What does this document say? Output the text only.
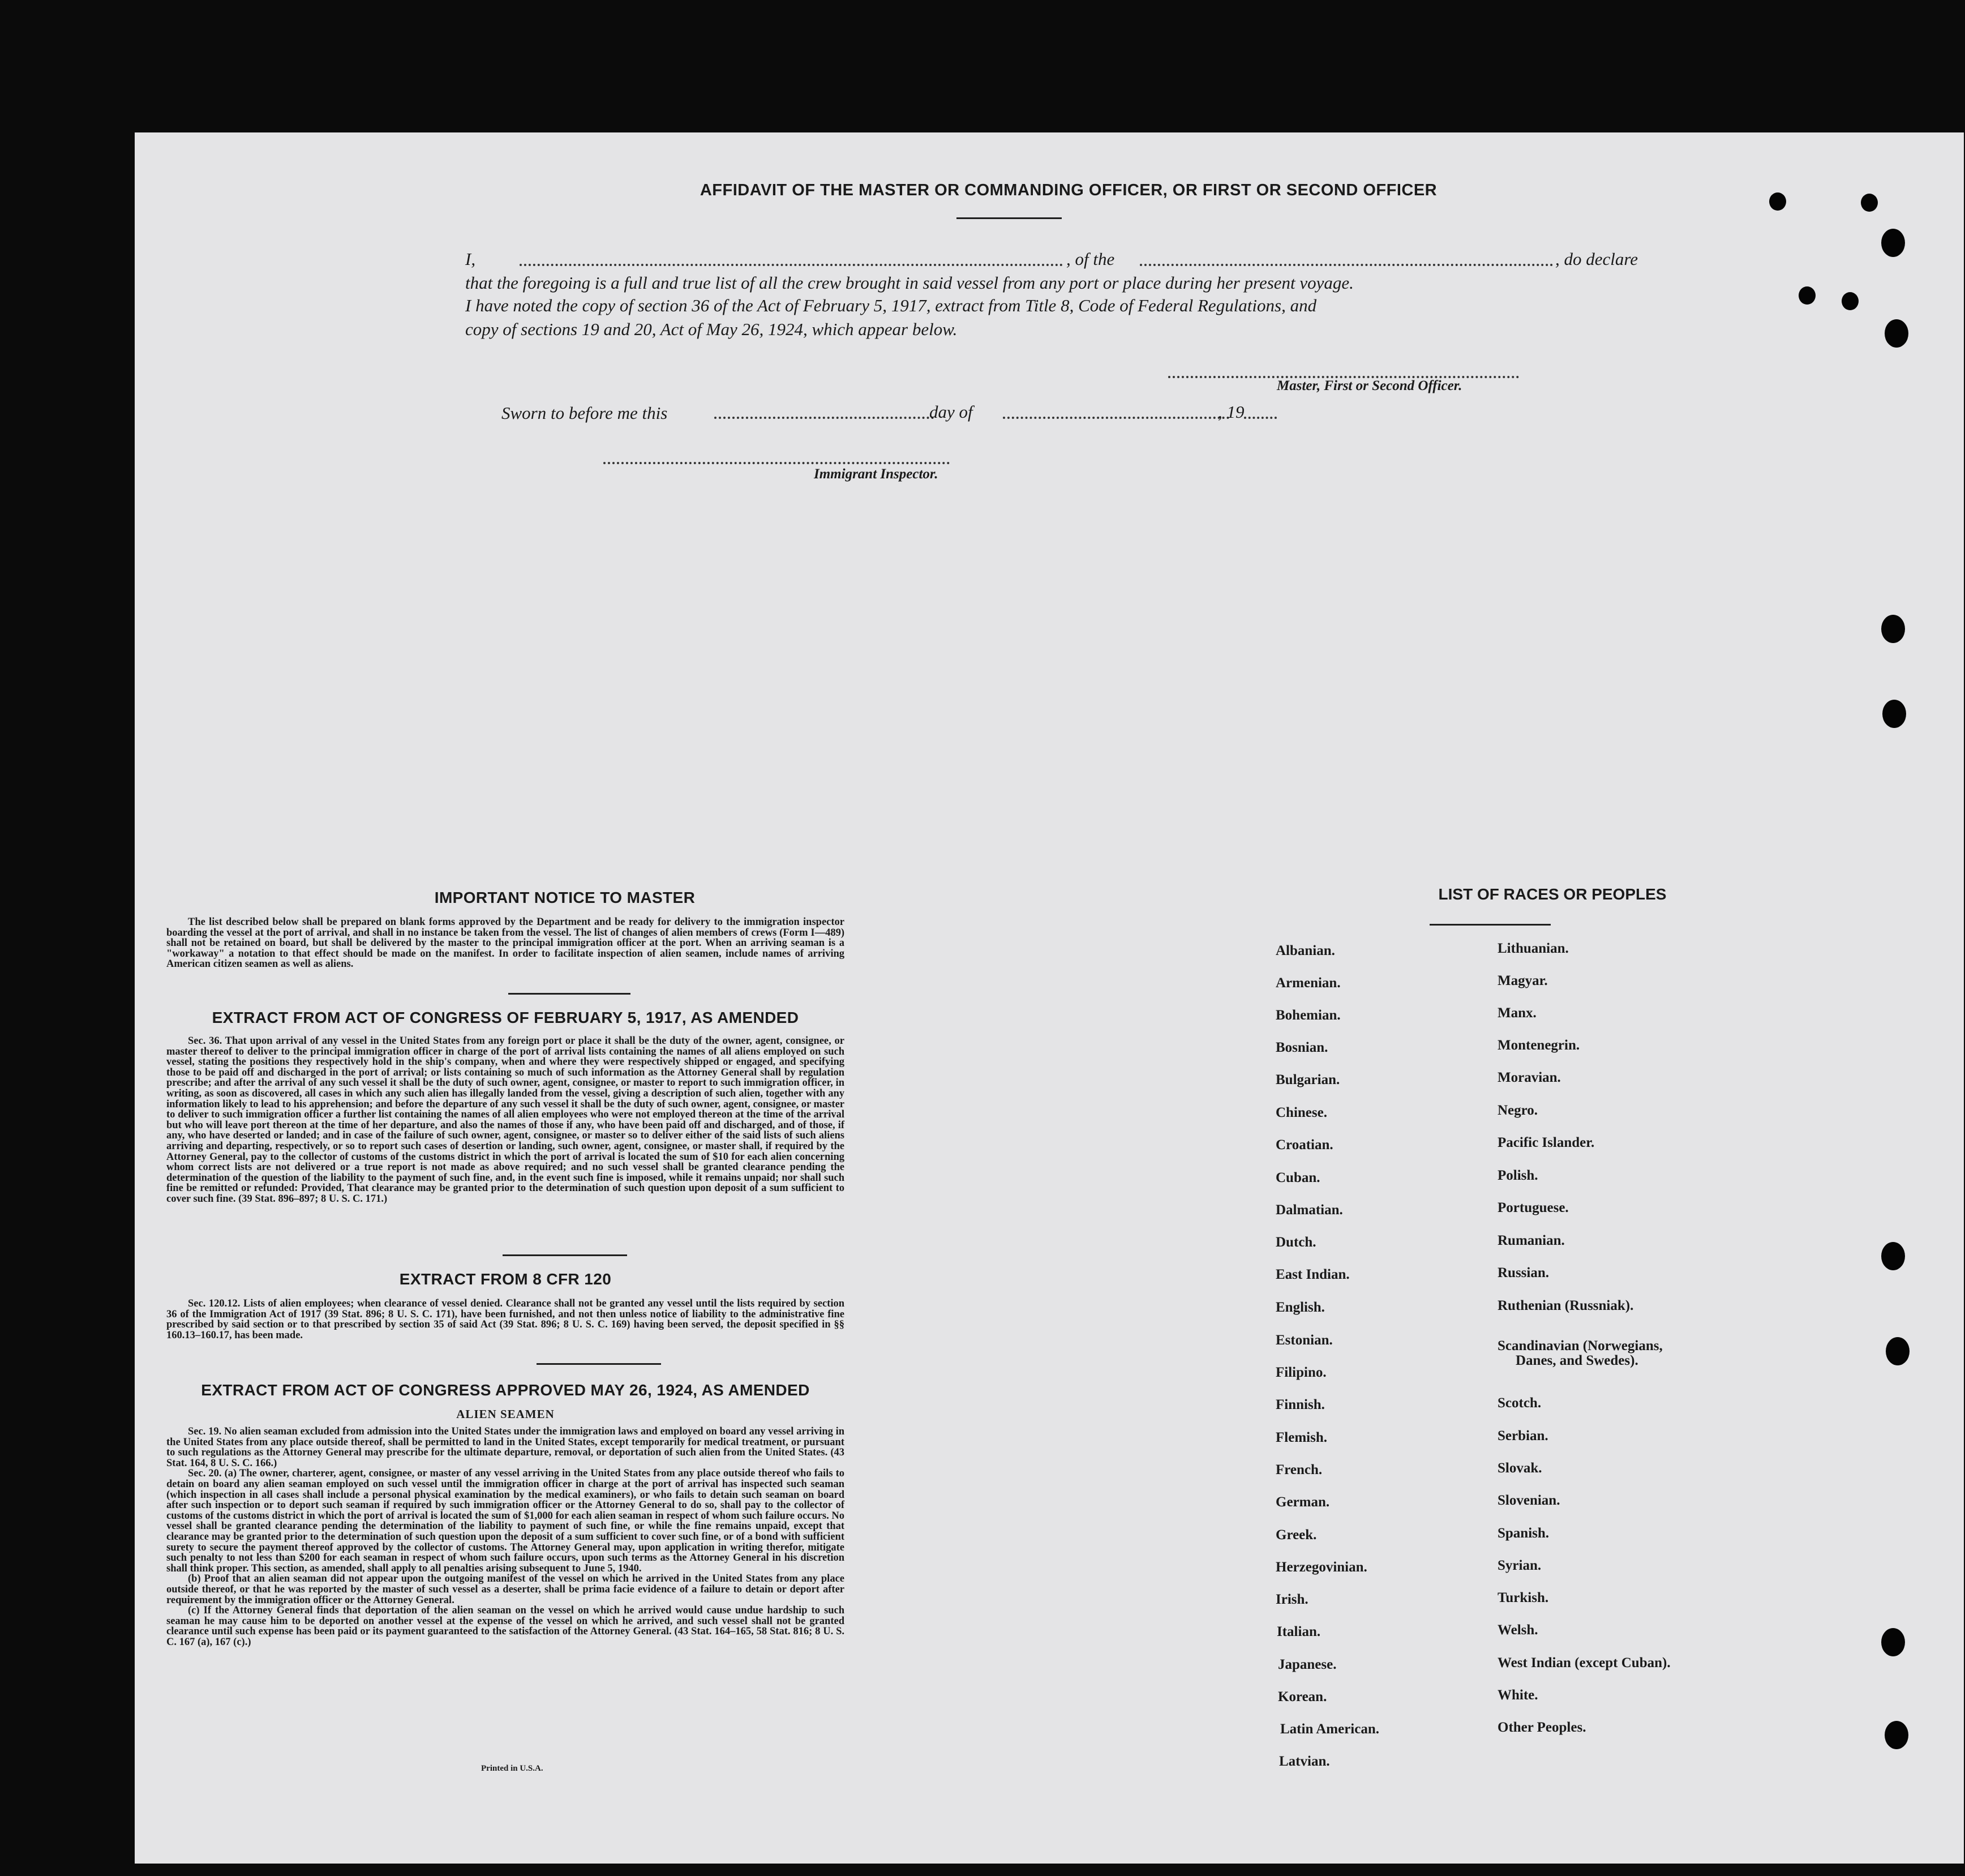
AFFIDAVIT OF THE MASTER OR COMMANDING OFFICER, OR FIRST OR SECOND OFFICER
I,	, of the	, do declare
that the foregoing is a full and true list of all the crew brought in said vessel from any port or place during her present voyage.
I have noted the copy of section 36 of the Act of February 5, 1917, extract from Title 8, Code of Federal Regulations, and
copy of sections 19 and 20, Act of May 26, 1924, which appear below.
Master, First or Second Officer.
Sworn to before me this	day of	, 19
Immigrant Inspector.
IMPORTANT NOTICE TO MASTER

The list described below shall be prepared on blank forms approved by the Department and be ready for delivery to the immigration inspector boarding the vessel at the port of arrival, and shall in no instance be taken from the vessel. The list of changes of alien members of crews (Form I—489) shall not be retained on board, but shall be delivered by the master to the principal immigration officer at the port. When an arriving seaman is a "workaway" a notation to that effect should be made on the manifest. In order to facilitate inspection of alien seamen, include names of arriving American citizen seamen as well as aliens.

EXTRACT FROM ACT OF CONGRESS OF FEBRUARY 5, 1917, AS AMENDED

Sec. 36. That upon arrival of any vessel in the United States from any foreign port or place it shall be the duty of the owner, agent, consignee, or master thereof to deliver to the principal immigration officer in charge of the port of arrival lists containing the names of all aliens employed on such vessel, stating the positions they respectively hold in the ship's company, when and where they were respectively shipped or engaged, and specifying those to be paid off and discharged in the port of arrival; or lists containing so much of such information as the Attorney General shall by regulation prescribe; and after the arrival of any such vessel it shall be the duty of such owner, agent, consignee, or master to report to such immigration officer, in writing, as soon as discovered, all cases in which any such alien has illegally landed from the vessel, giving a description of such alien, together with any information likely to lead to his apprehension; and before the departure of any such vessel it shall be the duty of such owner, agent, consignee, or master to deliver to such immigration officer a further list containing the names of all alien employees who were not employed thereon at the time of the arrival but who will leave port thereon at the time of her departure, and also the names of those if any, who have been paid off and discharged, and of those, if any, who have deserted or landed; and in case of the failure of such owner, agent, consignee, or master so to deliver either of the said lists of such aliens arriving and departing, respectively, or so to report such cases of desertion or landing, such owner, agent, consignee, or master shall, if required by the Attorney General, pay to the collector of customs of the customs district in which the port of arrival is located the sum of $10 for each alien concerning whom correct lists are not delivered or a true report is not made as above required; and no such vessel shall be granted clearance pending the determination of the question of the liability to the payment of such fine, and, in the event such fine is imposed, while it remains unpaid; nor shall such fine be remitted or refunded: Provided, That clearance may be granted prior to the determination of such question upon deposit of a sum sufficient to cover such fine. (39 Stat. 896–897; 8 U. S. C. 171.)

EXTRACT FROM 8 CFR 120

Sec. 120.12. Lists of alien employees; when clearance of vessel denied. Clearance shall not be granted any vessel until the lists required by section 36 of the Immigration Act of 1917 (39 Stat. 896; 8 U. S. C. 171), have been furnished, and not then unless notice of liability to the administrative fine prescribed by said section or to that prescribed by section 35 of said Act (39 Stat. 896; 8 U. S. C. 169) having been served, the deposit specified in §§ 160.13–160.17, has been made.

EXTRACT FROM ACT OF CONGRESS APPROVED MAY 26, 1924, AS AMENDED
ALIEN SEAMEN

Sec. 19. No alien seaman excluded from admission into the United States under the immigration laws and employed on board any vessel arriving in the United States from any place outside thereof, shall be permitted to land in the United States, except temporarily for medical treatment, or pursuant to such regulations as the Attorney General may prescribe for the ultimate departure, removal, or deportation of such alien from the United States. (43 Stat. 164, 8 U. S. C. 166.)

Sec. 20. (a) The owner, charterer, agent, consignee, or master of any vessel arriving in the United States from any place outside thereof who fails to detain on board any alien seaman employed on such vessel until the immigration officer in charge at the port of arrival has inspected such seaman (which inspection in all cases shall include a personal physical examination by the medical examiners), or who fails to detain such seaman on board after such inspection or to deport such seaman if required by such immigration officer or the Attorney General to do so, shall pay to the collector of customs of the customs district in which the port of arrival is located the sum of $1,000 for each alien seaman in respect of whom such failure occurs. No vessel shall be granted clearance pending the determination of the liability to payment of such fine, or while the fine remains unpaid, except that clearance may be granted prior to the determination of such question upon the deposit of a sum sufficient to cover such fine, or of a bond with sufficient surety to secure the payment thereof approved by the collector of customs. The Attorney General may, upon application in writing therefor, mitigate such penalty to not less than $200 for each seaman in respect of whom such failure occurs, upon such terms as the Attorney General in his discretion shall think proper. This section, as amended, shall apply to all penalties arising subsequent to June 5, 1940.

(b) Proof that an alien seaman did not appear upon the outgoing manifest of the vessel on which he arrived in the United States from any place outside thereof, or that he was reported by the master of such vessel as a deserter, shall be prima facie evidence of a failure to detain or deport after requirement by the immigration officer or the Attorney General.

(c) If the Attorney General finds that deportation of the alien seaman on the vessel on which he arrived would cause undue hardship to such seaman he may cause him to be deported on another vessel at the expense of the vessel on which he arrived, and such vessel shall not be granted clearance until such expense has been paid or its payment guaranteed to the satisfaction of the Attorney General. (43 Stat. 164–165, 58 Stat. 816; 8 U. S. C. 167 (a), 167 (c).)

Printed in U.S.A.
LIST OF RACES OR PEOPLES
Albanian.
Armenian.
Bohemian.
Bosnian.
Bulgarian.
Chinese.
Croatian.
Cuban.
Dalmatian.
Dutch.
East Indian.
English.
Estonian.
Filipino.
Finnish.
Flemish.
French.
German.
Greek.
Herzegovinian.
Irish.
Italian.
Japanese.
Korean.
Latin American.
Latvian.
Lithuanian.
Magyar.
Manx.
Montenegrin.
Moravian.
Negro.
Pacific Islander.
Polish.
Portuguese.
Rumanian.
Russian.
Ruthenian (Russniak).
Scandinavian (Norwegians,
Danes, and Swedes).
Scotch.
Serbian.
Slovak.
Slovenian.
Spanish.
Syrian.
Turkish.
Welsh.
West Indian (except Cuban).
White.
Other Peoples.
